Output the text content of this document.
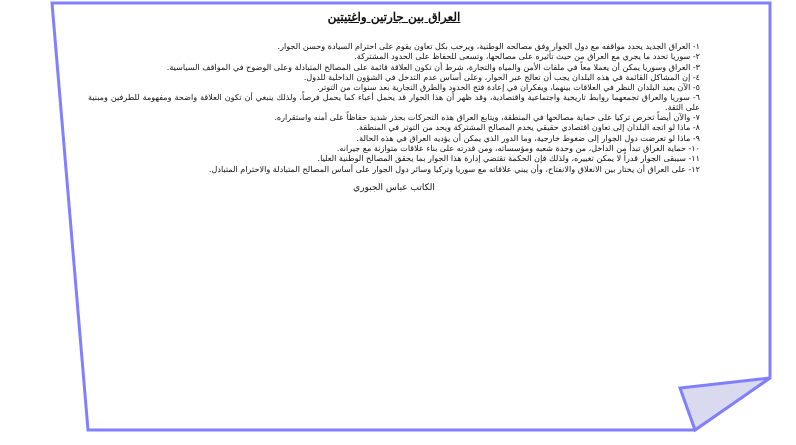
العراق بين جارتين واغتيتين
١- العراق الجديد يحدد مواقفه مع دول الجوار وفق مصالحه الوطنية، ويرحب بكل تعاون يقوم على احترام السيادة وحسن الجوار.
٢- سوريا تحدد ما يجري مع العراق من حيث تأثيره على مصالحها، وتسعى للحفاظ على الحدود المشتركة.
٣- العراق وسوريا يمكن أن يعملا معاً في ملفات الأمن والمياه والتجارة، شرط أن تكون العلاقة قائمة على المصالح المتبادلة وعلى الوضوح في المواقف السياسية.
٤- إن المشاكل القائمة في هذه البلدان يجب أن تعالج عبر الحوار، وعلى أساس عدم التدخل في الشؤون الداخلية للدول.
٥- الآن يعيد البلدان النظر في العلاقات بينهما، ويفكران في إعادة فتح الحدود والطرق التجارية بعد سنوات من التوتر.
٦- سوريا والعراق تجمعهما روابط تاريخية واجتماعية واقتصادية، وقد ظهر أن هذا الجوار قد يحمل أعباء كما يحمل فرصاً، ولذلك ينبغي أن تكون العلاقة واضحة ومفهومة للطرفين ومبنية على الثقة.
٧- والآن أيضاً تحرص تركيا على حماية مصالحها في المنطقة، ويتابع العراق هذه التحركات بحذر شديد حفاظاً على أمنه واستقراره.
٨- ماذا لو اتجه البلدان إلى تعاون اقتصادي حقيقي يخدم المصالح المشتركة ويحد من التوتر في المنطقة.
٩- ماذا لو تعرضت دول الجوار إلى ضغوط خارجية، وما الدور الذي يمكن أن يؤديه العراق في هذه الحالة.
١٠- حماية العراق تبدأ من الداخل، من وحدة شعبه ومؤسساته، ومن قدرته على بناء علاقات متوازنة مع جيرانه.
١١- سيبقى الجوار قدراً لا يمكن تغييره، ولذلك فإن الحكمة تقتضي إدارة هذا الجوار بما يحقق المصالح الوطنية العليا.
١٢- على العراق أن يختار بين الانغلاق والانفتاح، وأن يبني علاقاته مع سوريا وتركيا وسائر دول الجوار على أساس المصالح المتبادلة والاحترام المتبادل.
الكاتب عباس الجبوري
